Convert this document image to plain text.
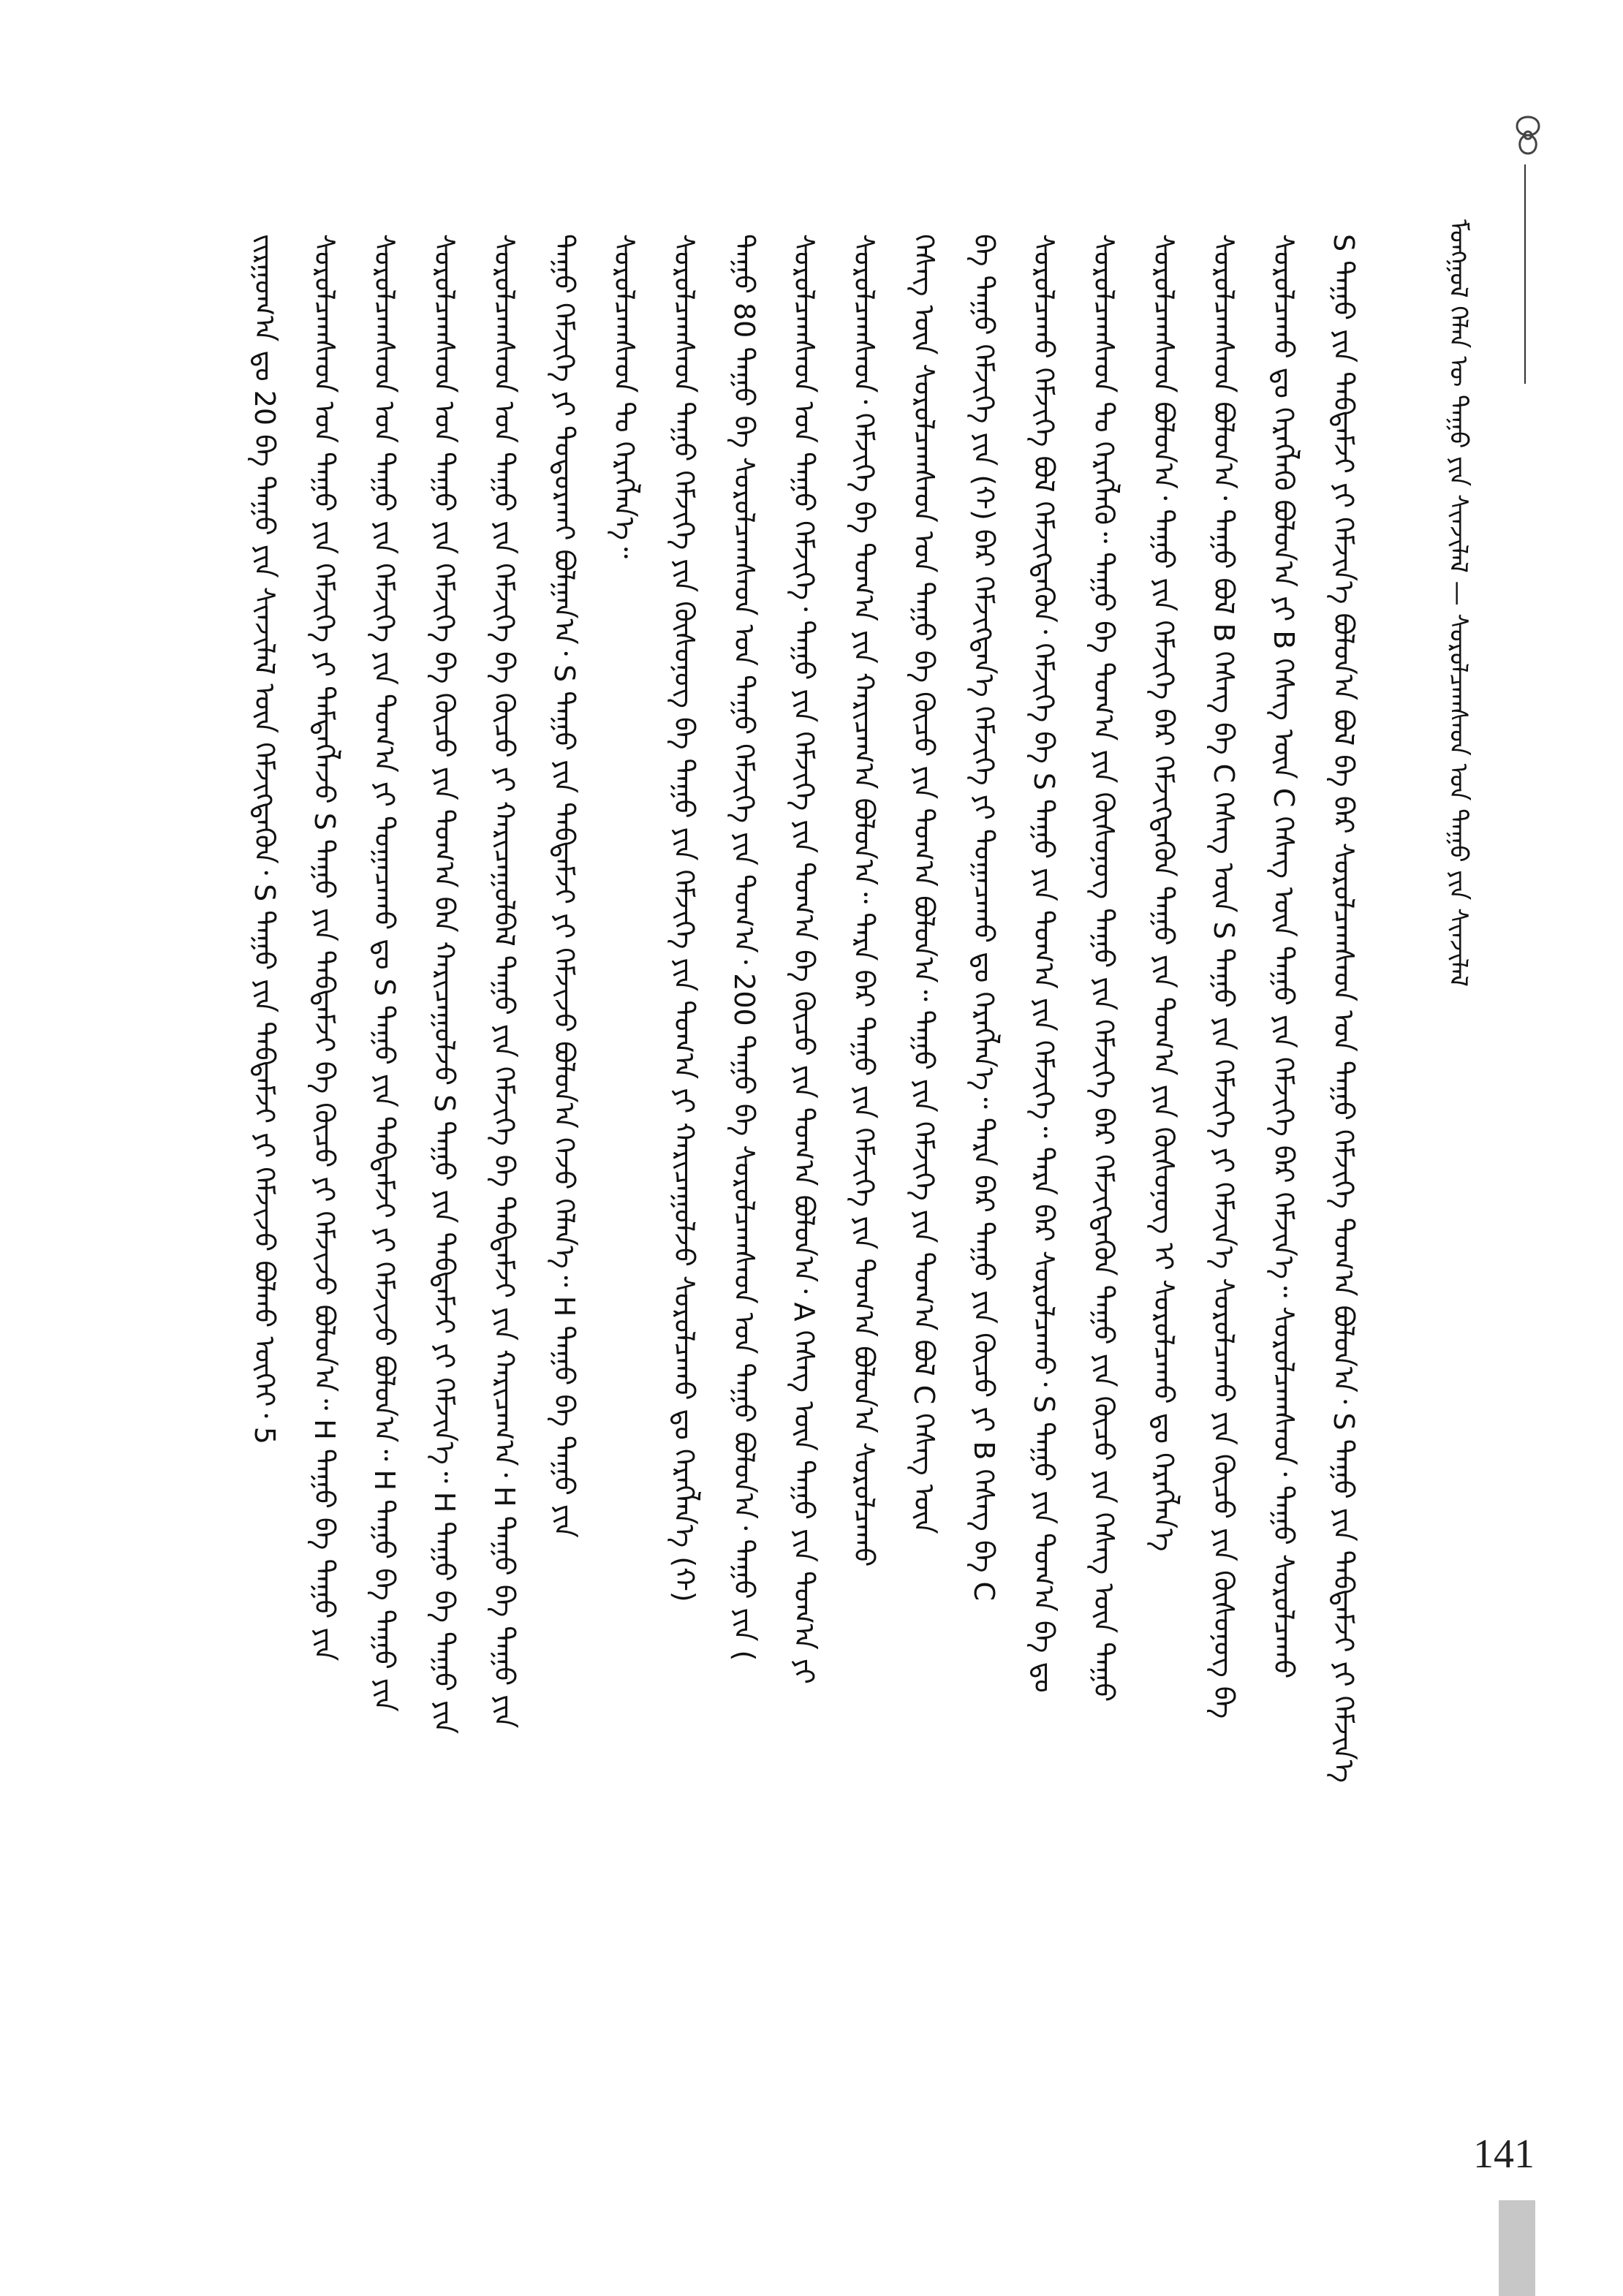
ᠮᠣᠩᠭᠣᠯ ᠬᠡᠯᠡᠨ ᠦ ᠳᠠᠭᠤ ᠶᠢᠨ ᠰᠢᠨᠵᠢᠯᠡᠯ — ᠰᠤᠷᠤᠯᠴᠠᠭᠰᠠᠳ ᠤᠨ ᠳᠠᠭᠤ ᠶᠢᠨ ᠰᠢᠨᠵᠢᠯᠡᠯ
ᠵᠢᠷᠭᠤᠭ᠎ᠠ ᠳᠤ 20 ᠪᠠ ᠳᠠᠭᠤ ᠶᠢᠨ ᠰᠢᠨᠵᠢᠯᠡᠯ ᠦᠨ ᠬᠡᠮᠵᠢᠭᠳᠡᠬᠦᠨ᠂ S ᠳᠠᠭᠤ ᠶᠢᠨ ᠳᠠᠪᠲᠠᠮᠵᠢ ᠶᠢ ᠬᠡᠮᠵᠢᠵᠦ ᠪᠣᠯᠬᠤ ᠦᠭᠡᠢ᠂ 5 ᠰᠤᠷᠤᠯᠴᠠᠭᠰᠠᠳ ᠤᠨ ᠳᠠᠭᠤ ᠶᠢᠨ ᠬᠡᠮᠵᠢᠭᠡ ᠶᠢ ᠲᠡᠮᠳᠡᠭᠯᠡᠵᠦ S ᠳᠠᠭᠤ ᠶᠢᠨ ᠳᠠᠪᠲᠠᠮᠵᠢ ᠪᠠ ᠬᠦᠴᠦ ᠶᠢ ᠬᠡᠮᠵᠢᠵᠦ ᠪᠣᠯᠤᠨ᠎ᠠ᠃ H ᠳᠠᠭᠤ ᠪᠠ ᠳᠠᠭᠤ ᠶᠢᠨ ᠰᠤᠷᠤᠯᠴᠠᠭᠰᠠᠳ ᠤᠨ ᠳᠠᠭᠤ ᠶᠢᠨ ᠬᠡᠮᠵᠢᠭᠡ ᠶᠢᠨ ᠲᠣᠭ᠎ᠠ ᠶᠢ ᠲᠣᠭᠠᠴᠠᠬᠤ ᠳᠤ S ᠳᠠᠭᠤ ᠶᠢᠨ ᠳᠠᠪᠲᠠᠮᠵᠢ ᠶᠢ ᠬᠡᠮᠵᠢᠵᠦ ᠪᠣᠯᠤᠨ᠎ᠠ᠃ H ᠳᠠᠭᠤ ᠪᠠ ᠳᠠᠭᠤ ᠶᠢᠨ ᠰᠤᠷᠤᠯᠴᠠᠭᠰᠠᠳ ᠤᠨ ᠳᠠᠭᠤ ᠶᠢᠨ ᠬᠡᠮᠵᠢᠭᠡ ᠪᠠ ᠬᠦᠴᠦ ᠶᠢᠨ ᠲᠣᠭ᠎ᠠ ᠪᠠᠨ ᠬᠠᠷᠢᠴᠠᠭᠤᠯᠵᠤ S ᠳᠠᠭᠤ ᠶᠢᠨ ᠳᠠᠪᠲᠠᠮᠵᠢ ᠶᠢ ᠬᠡᠮᠵᠢᠨ᠎ᠡ᠃ H ᠳᠠᠭᠤ ᠪᠠ ᠳᠠᠭᠤ ᠶᠢᠨ ᠰᠤᠷᠤᠯᠴᠠᠭᠰᠠᠳ ᠤᠨ ᠳᠠᠭᠤ ᠶᠢᠨ ᠬᠡᠮᠵᠢᠭᠡ ᠪᠠ ᠬᠦᠴᠦ ᠶᠢ ᠬᠠᠷᠢᠴᠠᠭᠤᠯᠪᠠᠯ ᠳᠠᠭᠤ ᠶᠢᠨ ᠬᠡᠮᠵᠢᠭᠡ ᠪᠠ ᠳᠠᠪᠲᠠᠮᠵᠢ ᠶᠢᠨ ᠬᠠᠷᠢᠴᠠᠭ᠎ᠠ᠂ H ᠳᠠᠭᠤ ᠪᠠ ᠳᠠᠭᠤ ᠶᠢᠨ ᠳᠠᠭᠤ ᠬᠡᠮᠵᠢᠭᠡ ᠶᠢ ᠲᠣᠳᠤᠷᠬᠠᠶ ᠪᠣᠯᠭᠠᠨ᠎ᠠ᠂ S ᠳᠠᠭᠤ ᠶᠢᠨ ᠳᠠᠪᠲᠠᠮᠵᠢ ᠶᠢ ᠬᠡᠮᠵᠢᠵᠦ ᠪᠣᠯᠤᠨ᠎ᠠ ᠭᠡᠵᠦ ᠬᠡᠯᠡᠨ᠎ᠡ᠃ H ᠳᠠᠭᠤ ᠪᠠ ᠳᠠᠭᠤ ᠶᠢᠨ ᠰᠤᠷᠤᠯᠴᠠᠭᠰᠠᠳ ᠲᠤ ᠬᠡᠷᠡᠭᠯᠡᠨ᠎ᠡ᠃ ᠰᠤᠷᠤᠯᠴᠠᠭᠰᠠᠳ ᠳᠠᠭᠤ ᠬᠡᠮᠵᠢᠭᠡ ᠶᠢᠨ ᠬᠦᠰᠦᠨᠦᠭ ᠪᠠ ᠳᠠᠭᠤ ᠶᠢᠨ ᠬᠡᠮᠵᠢᠭᠡ ᠶᠢᠨ ᠲᠣᠭ᠎ᠠ ᠶᠢ ᠬᠠᠷᠢᠴᠠᠭᠤᠯᠵᠤ ᠰᠤᠷᠤᠯᠴᠠᠬᠤ ᠳᠤ ᠬᠡᠷᠡᠭᠯᠡᠨ᠎ᠡ (ᠬ) ᠳᠠᠭᠤ 80 ᠳᠠᠭᠤ ᠪᠠ ᠰᠤᠷᠤᠯᠴᠠᠭᠰᠠᠳ ᠤᠨ ᠳᠠᠭᠤ ᠬᠡᠮᠵᠢᠭᠡ ᠶᠢᠨ ᠲᠣᠭ᠎ᠠ᠂ 200 ᠳᠠᠭᠤ ᠪᠠ ᠰᠤᠷᠤᠯᠴᠠᠭᠰᠠᠳ ᠤᠨ ᠳᠠᠭᠤ ᠪᠣᠯᠤᠨ᠎ᠠ᠂ ᠳᠠᠭᠤ ᠶᠢᠨ ( ᠰᠤᠷᠤᠯᠴᠠᠭᠰᠠᠳ ᠤᠨ ᠳᠠᠭᠤ ᠬᠡᠮᠵᠢᠭᠡ᠂ ᠳᠠᠭᠤ ᠶᠢᠨ ᠬᠡᠮᠵᠢᠭᠡ ᠶᠢᠨ ᠲᠣᠭ᠎ᠠ ᠪᠠ ᠬᠦᠴᠦ ᠶᠢᠨ ᠲᠣᠭ᠎ᠠ ᠪᠣᠯᠤᠨ᠎ᠠ᠂ A ᠬᠡᠰᠡᠭ ᠦᠨ ᠳᠠᠭᠤ ᠶᠢᠨ ᠲᠣᠭ᠎ᠠ ᠶᠢ ᠰᠤᠷᠤᠯᠴᠠᠭᠰᠠᠳ᠂ ᠬᠡᠮᠵᠢᠭᠡ ᠪᠠ ᠲᠣᠭ᠎ᠠ ᠶᠢᠨ ᠬᠠᠷᠢᠴᠠᠭ᠎ᠠ ᠪᠣᠯᠤᠨ᠎ᠠ᠃ ᠲᠡᠷᠡ ᠪᠡᠷ ᠳᠠᠭᠤ ᠶᠢᠨ ᠬᠡᠮᠵᠢᠭᠡ ᠶᠢᠨ ᠲᠣᠭ᠎ᠠ ᠪᠣᠯᠤᠨ᠎ᠠ ᠰᠤᠷᠤᠯᠴᠠᠬᠤ ᠬᠡᠰᠡᠭ ᠦᠨ ᠰᠤᠷᠤᠯᠴᠠᠭᠰᠠᠳ ᠤᠨ ᠳᠠᠭᠤ ᠪᠠ ᠬᠦᠴᠦ ᠶᠢᠨ ᠲᠣᠭ᠎ᠠ ᠪᠣᠯᠤᠨ᠎ᠠ᠃ ᠳᠠᠭᠤ ᠶᠢᠨ ᠬᠡᠮᠵᠢᠭᠡ ᠶᠢᠨ ᠲᠣᠭ᠎ᠠ ᠪᠣᠯ C ᠬᠡᠰᠡᠭ ᠦᠨ ᠪᠠ ᠳᠠᠭᠤ ᠬᠡᠮᠵᠢᠭᠡ ᠶᠢᠨ (ᠬ) ᠪᠡᠷ ᠬᠡᠮᠵᠢᠭᠳᠡᠨ᠎ᠡ ᠬᠡᠮᠵᠢᠭᠡ ᠶᠢ ᠲᠣᠭᠠᠴᠠᠬᠤ ᠳᠤ ᠬᠡᠷᠡᠭᠯᠡᠨ᠎ᠡ᠃ ᠲᠡᠷᠡ ᠪᠡᠷ ᠳᠠᠭᠤ ᠶᠢᠨ ᠬᠦᠴᠦ ᠶᠢ B ᠬᠡᠰᠡᠭ ᠪᠠ C ᠰᠤᠷᠤᠯᠴᠠᠬᠤ ᠬᠡᠮᠵᠢᠭᠡ ᠪᠣᠯ ᠬᠡᠮᠵᠢᠭᠳᠡᠬᠦᠨ᠂ ᠬᠡᠮᠵᠢᠭᠡ ᠪᠠ S ᠳᠠᠭᠤ ᠶᠢᠨ ᠲᠣᠭ᠎ᠠ ᠶᠢᠨ ᠬᠡᠮᠵᠢᠭᠡ᠃ ᠲᠡᠷᠡ ᠪᠡᠷ ᠰᠤᠷᠤᠯᠴᠠᠬᠤ᠂ S ᠳᠠᠭᠤ ᠶᠢᠨ ᠲᠣᠭ᠎ᠠ ᠪᠠ ᠳᠤ ᠰᠤᠷᠤᠯᠴᠠᠭᠰᠠᠳ ᠲᠤ ᠬᠡᠷᠡᠭᠯᠡᠬᠦ᠃ ᠳᠠᠭᠤ ᠪᠠ ᠲᠣᠭ᠎ᠠ ᠶᠢᠨ ᠬᠦᠰᠦᠨᠦᠭ ᠳᠠᠭᠤ ᠶᠢᠨ ᠬᠡᠮᠵᠢᠭᠡ ᠪᠡᠷ ᠬᠡᠮᠵᠢᠭᠳᠡᠬᠦᠨ ᠳᠠᠭᠤ ᠶᠢᠨ ᠬᠦᠴᠦ ᠶᠢᠨ ᠬᠡᠰᠡᠭ ᠦᠨ ᠳᠠᠭᠤ ᠰᠤᠷᠤᠯᠴᠠᠭᠰᠠᠳ ᠪᠣᠯᠤᠨ᠎ᠠ᠂ ᠳᠠᠭᠤ ᠶᠢᠨ ᠬᠡᠮᠵᠢᠭᠡ ᠪᠡᠷ ᠬᠡᠮᠵᠢᠭᠳᠡᠬᠦᠨ ᠳᠠᠭᠤ ᠶᠢᠨ ᠲᠣᠭ᠎ᠠ ᠶᠢᠨ ᠬᠦᠰᠦᠨᠦᠭ ᠢ ᠰᠤᠷᠤᠯᠴᠠᠬᠤ ᠳᠤ ᠬᠡᠷᠡᠭᠯᠡᠨ᠎ᠡ ᠰᠤᠷᠤᠯᠴᠠᠭᠰᠠᠳ ᠪᠣᠯᠤᠨ᠎ᠠ᠂ ᠳᠠᠭᠤ ᠪᠣᠯ B ᠬᠡᠰᠡᠭ ᠪᠠ C ᠬᠡᠰᠡᠭ ᠦᠨ S ᠳᠠᠭᠤ ᠶᠢᠨ ᠬᠡᠮᠵᠢᠭᠡ ᠶᠢ ᠬᠡᠮᠵᠢᠨ᠎ᠡ ᠰᠤᠷᠤᠯᠴᠠᠬᠤ ᠶᠢᠨ ᠬᠦᠴᠦ ᠶᠢᠨ ᠬᠦᠰᠦᠨᠦᠭ ᠪᠠ ᠰᠤᠷᠤᠯᠴᠠᠬᠤ ᠳᠤ ᠬᠡᠷᠡᠭᠯᠡᠬᠦ ᠪᠣᠯᠤᠨ᠎ᠠ ᠶᠢ B ᠬᠡᠰᠡᠭ ᠦᠨ C ᠬᠡᠰᠡᠭ ᠦᠨ ᠳᠠᠭᠤ ᠶᠢᠨ ᠬᠡᠮᠵᠢᠭᠡ ᠪᠡᠷ ᠬᠡᠮᠵᠢᠨ᠎ᠡ᠃ ᠰᠤᠷᠤᠯᠴᠠᠭᠰᠠᠳ᠂ ᠳᠠᠭᠤ ᠰᠤᠷᠤᠯᠴᠠᠬᠤ S ᠳᠠᠭᠤ ᠶᠢᠨ ᠳᠠᠪᠲᠠᠮᠵᠢ ᠶᠢ ᠬᠡᠮᠵᠢᠨ᠎ᠡ ᠪᠣᠯᠤᠨ᠎ᠠ ᠪᠣᠯ ᠪᠠ ᠪᠡᠷ ᠰᠤᠷᠤᠯᠴᠠᠭᠰᠠᠳ ᠤᠨ ᠳᠠᠭᠤ ᠬᠡᠮᠵᠢᠭᠡ ᠲᠣᠭ᠎ᠠ ᠪᠣᠯᠤᠨ᠎ᠠ᠂ S ᠳᠠᠭᠤ ᠶᠢᠨ ᠳᠠᠪᠲᠠᠮᠵᠢ ᠶᠢ ᠬᠡᠮᠵᠢᠨ᠎ᠡ
141
